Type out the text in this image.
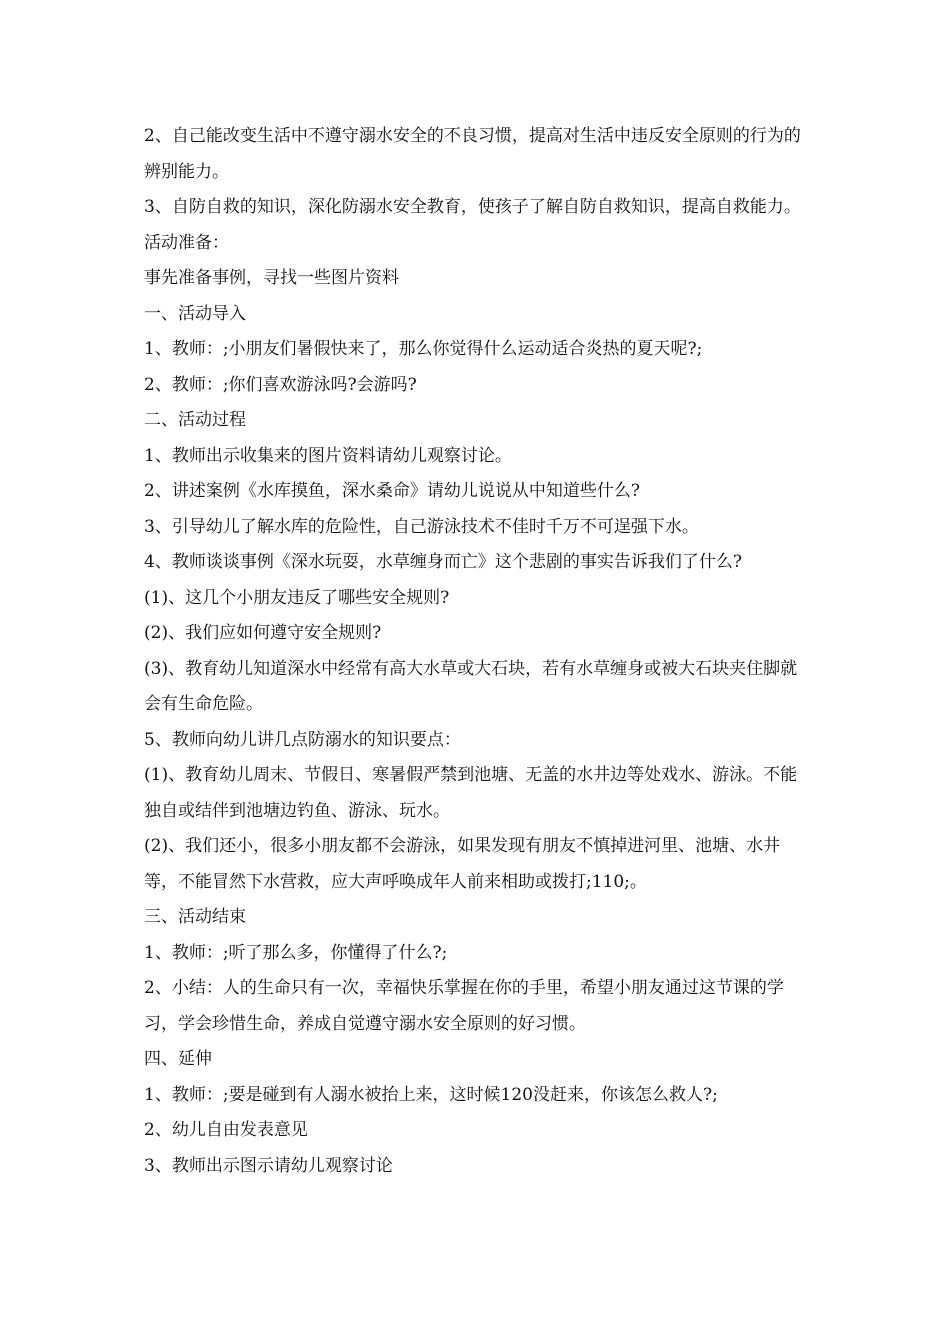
2、自己能改变生活中不遵守溺水安全的不良习惯，提高对生活中违反安全原则的行为的辨别能力。

3、自防自救的知识，深化防溺水安全教育，使孩子了解自防自救知识，提高自救能力。

活动准备：

事先准备事例，寻找一些图片资料

一、活动导入

1、教师：;小朋友们暑假快来了，那么你觉得什么运动适合炎热的夏天呢?;

2、教师：;你们喜欢游泳吗?会游吗?

二、活动过程

1、教师出示收集来的图片资料请幼儿观察讨论。

2、讲述案例《水库摸鱼，深水桑命》请幼儿说说从中知道些什么?

3、引导幼儿了解水库的危险性，自己游泳技术不佳时千万不可逞强下水。

4、教师谈谈事例《深水玩耍，水草缠身而亡》这个悲剧的事实告诉我们了什么?

(1)、这几个小朋友违反了哪些安全规则?

(2)、我们应如何遵守安全规则?

(3)、教育幼儿知道深水中经常有高大水草或大石块，若有水草缠身或被大石块夹住脚就会有生命危险。

5、教师向幼儿讲几点防溺水的知识要点：

(1)、教育幼儿周末、节假日、寒暑假严禁到池塘、无盖的水井边等处戏水、游泳。不能独自或结伴到池塘边钓鱼、游泳、玩水。

(2)、我们还小，很多小朋友都不会游泳，如果发现有朋友不慎掉进河里、池塘、水井等，不能冒然下水营救，应大声呼唤成年人前来相助或拨打;110;。

三、活动结束

1、教师：;听了那么多，你懂得了什么?;

2、小结：人的生命只有一次，幸福快乐掌握在你的手里，希望小朋友通过这节课的学习，学会珍惜生命，养成自觉遵守溺水安全原则的好习惯。

四、延伸

1、教师：;要是碰到有人溺水被抬上来，这时候120没赶来，你该怎么救人?;

2、幼儿自由发表意见

3、教师出示图示请幼儿观察讨论
